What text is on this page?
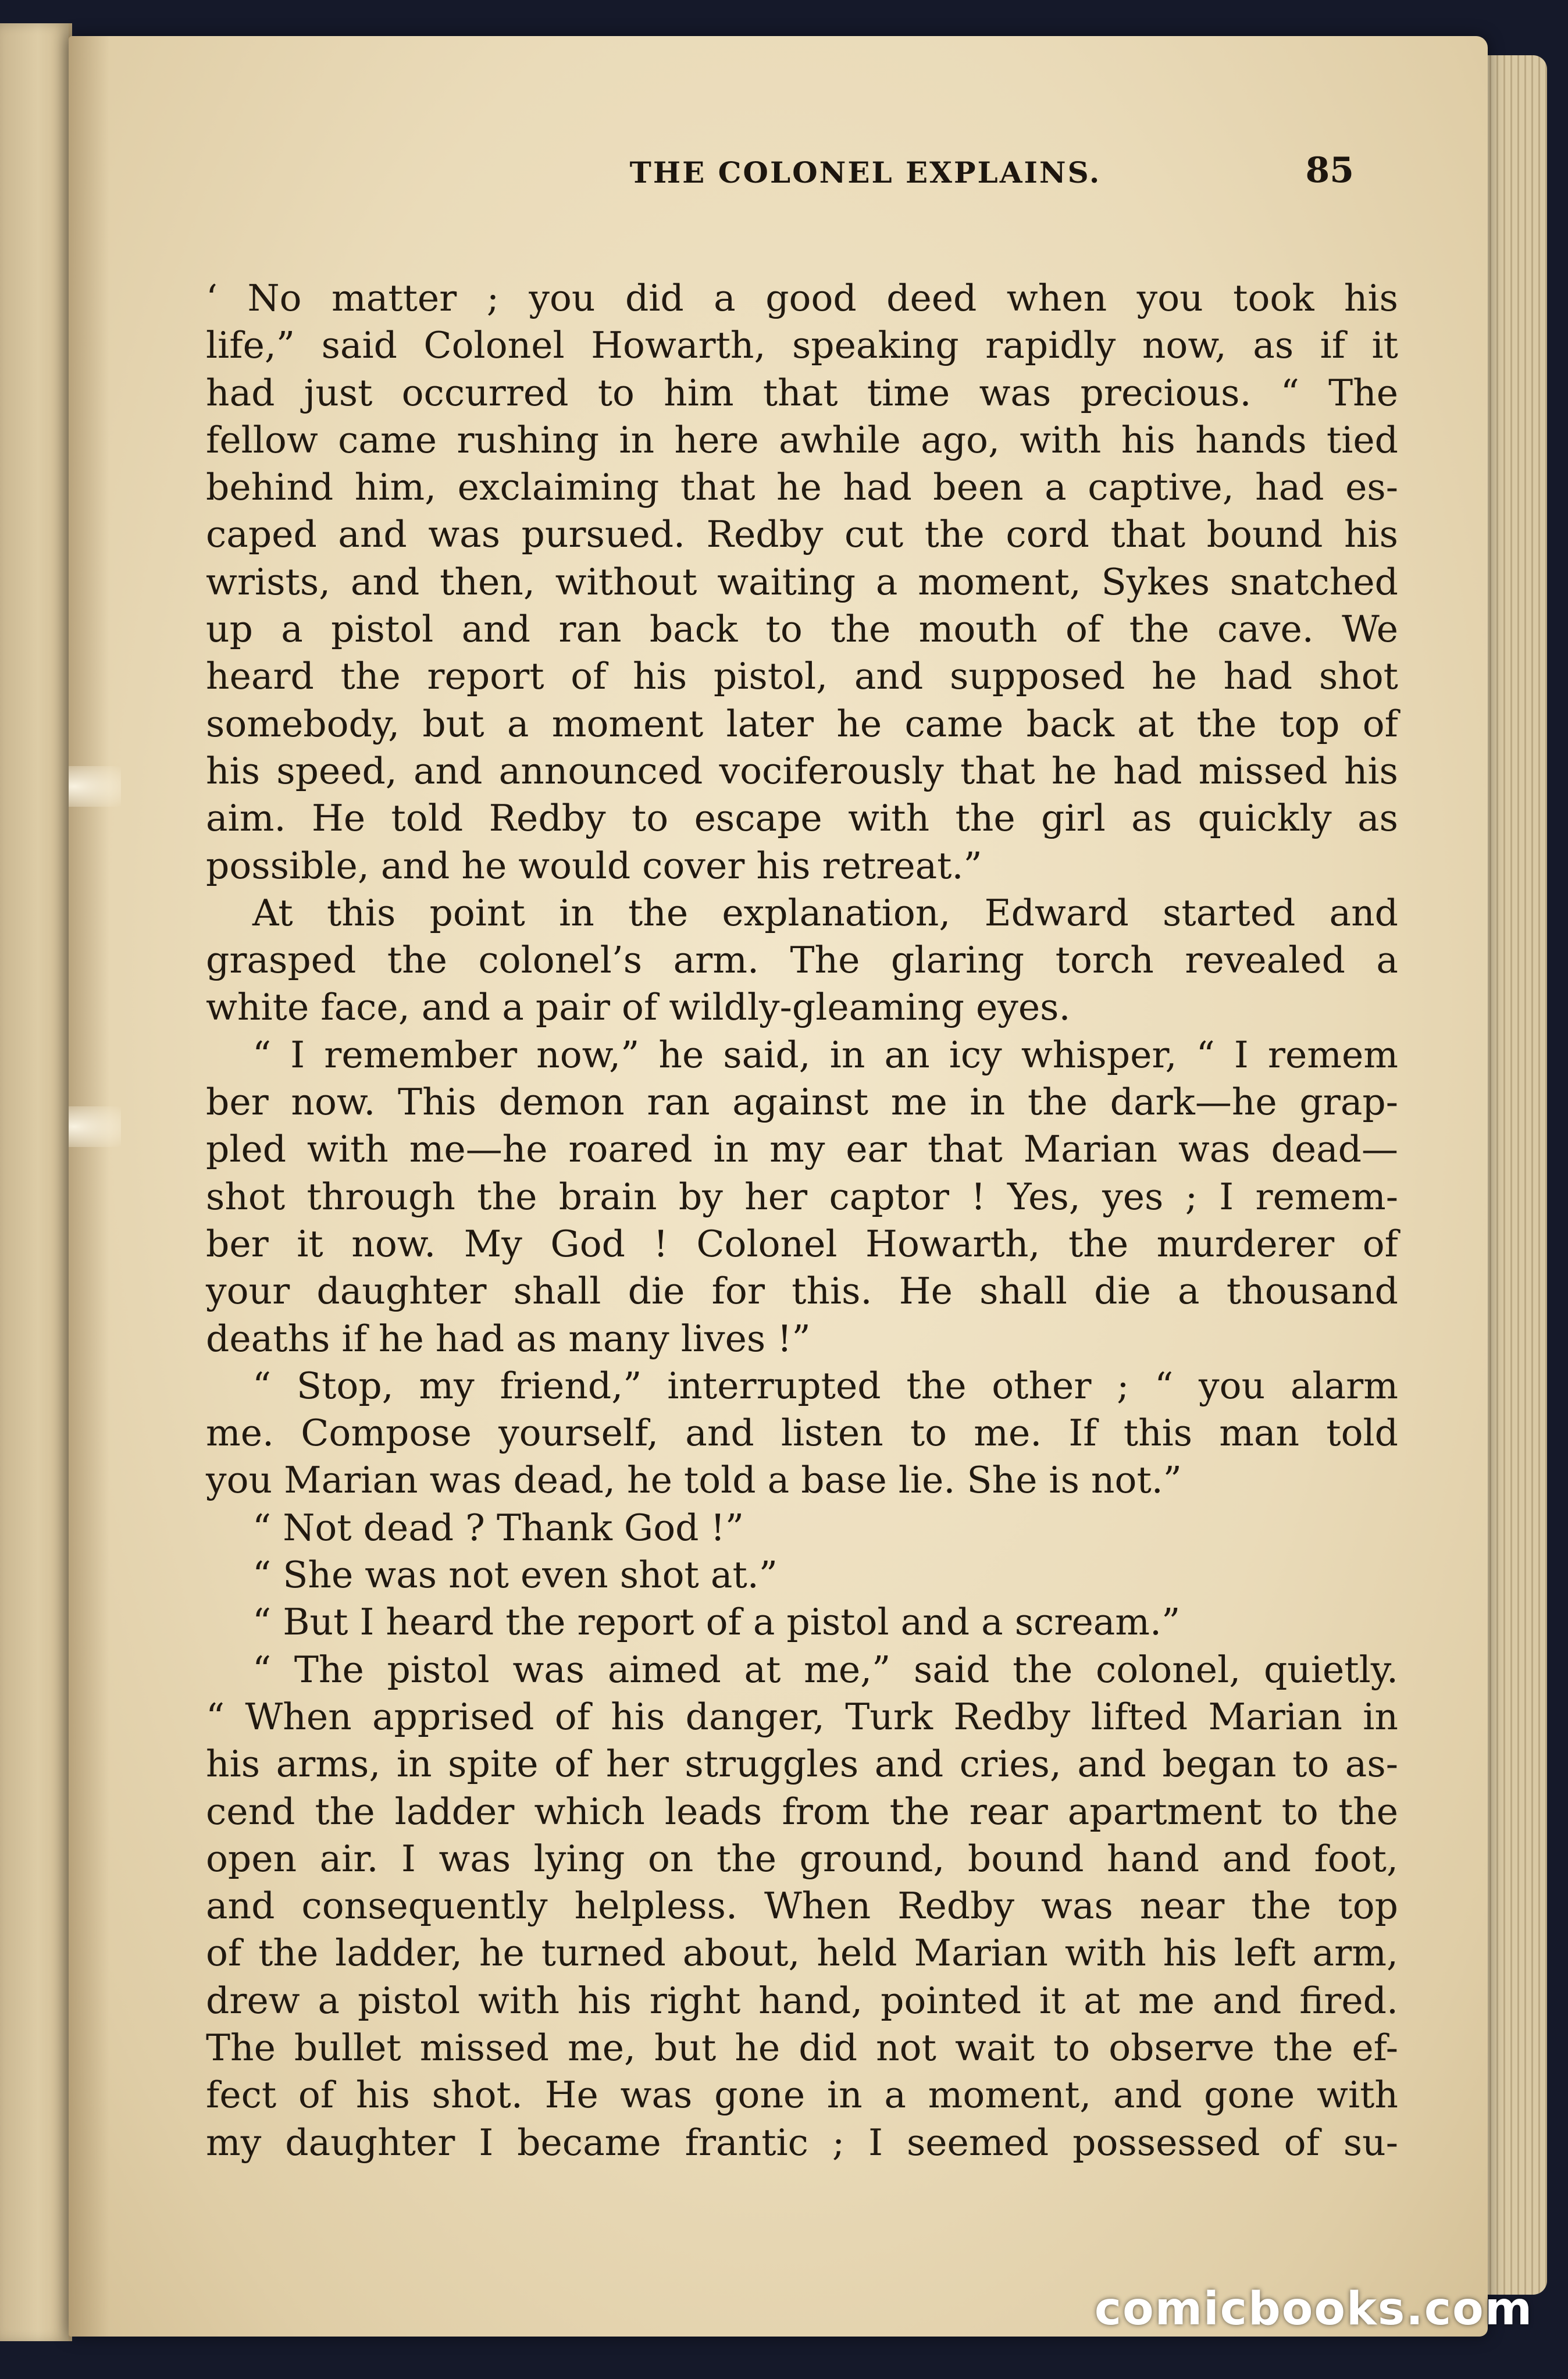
THE COLONEL EXPLAINS.	85
‘ No matter ; you did a good deed when you took his
life,” said Colonel Howarth, speaking rapidly now, as if it
had just occurred to him that time was precious. “ The
fellow came rushing in here awhile ago, with his hands tied
behind him, exclaiming that he had been a captive, had es-
caped and was pursued. Redby cut the cord that bound his
wrists, and then, without waiting a moment, Sykes snatched
up a pistol and ran back to the mouth of the cave. We
heard the report of his pistol, and supposed he had shot
somebody, but a moment later he came back at the top of
his speed, and announced vociferously that he had missed his
aim. He told Redby to escape with the girl as quickly as
possible, and he would cover his retreat.”
At this point in the explanation, Edward started and
grasped the colonel’s arm. The glaring torch revealed a
white face, and a pair of wildly-gleaming eyes.
“ I remember now,” he said, in an icy whisper, “ I remem
ber now. This demon ran against me in the dark—he grap-
pled with me—he roared in my ear that Marian was dead—
shot through the brain by her captor ! Yes, yes ; I remem-
ber it now. My God ! Colonel Howarth, the murderer of
your daughter shall die for this. He shall die a thousand
deaths if he had as many lives !”
“ Stop, my friend,” interrupted the other ; “ you alarm
me. Compose yourself, and listen to me. If this man told
you Marian was dead, he told a base lie. She is not.”
“ Not dead ? Thank God !”
“ She was not even shot at.”
“ But I heard the report of a pistol and a scream.”
“ The pistol was aimed at me,” said the colonel, quietly.
“ When apprised of his danger, Turk Redby lifted Marian in
his arms, in spite of her struggles and cries, and began to as-
cend the ladder which leads from the rear apartment to the
open air. I was lying on the ground, bound hand and foot,
and consequently helpless. When Redby was near the top
of the ladder, he turned about, held Marian with his left arm,
drew a pistol with his right hand, pointed it at me and fired.
The bullet missed me, but he did not wait to observe the ef-
fect of his shot. He was gone in a moment, and gone with
my daughter I became frantic ; I seemed possessed of su-
comicbooks.com
